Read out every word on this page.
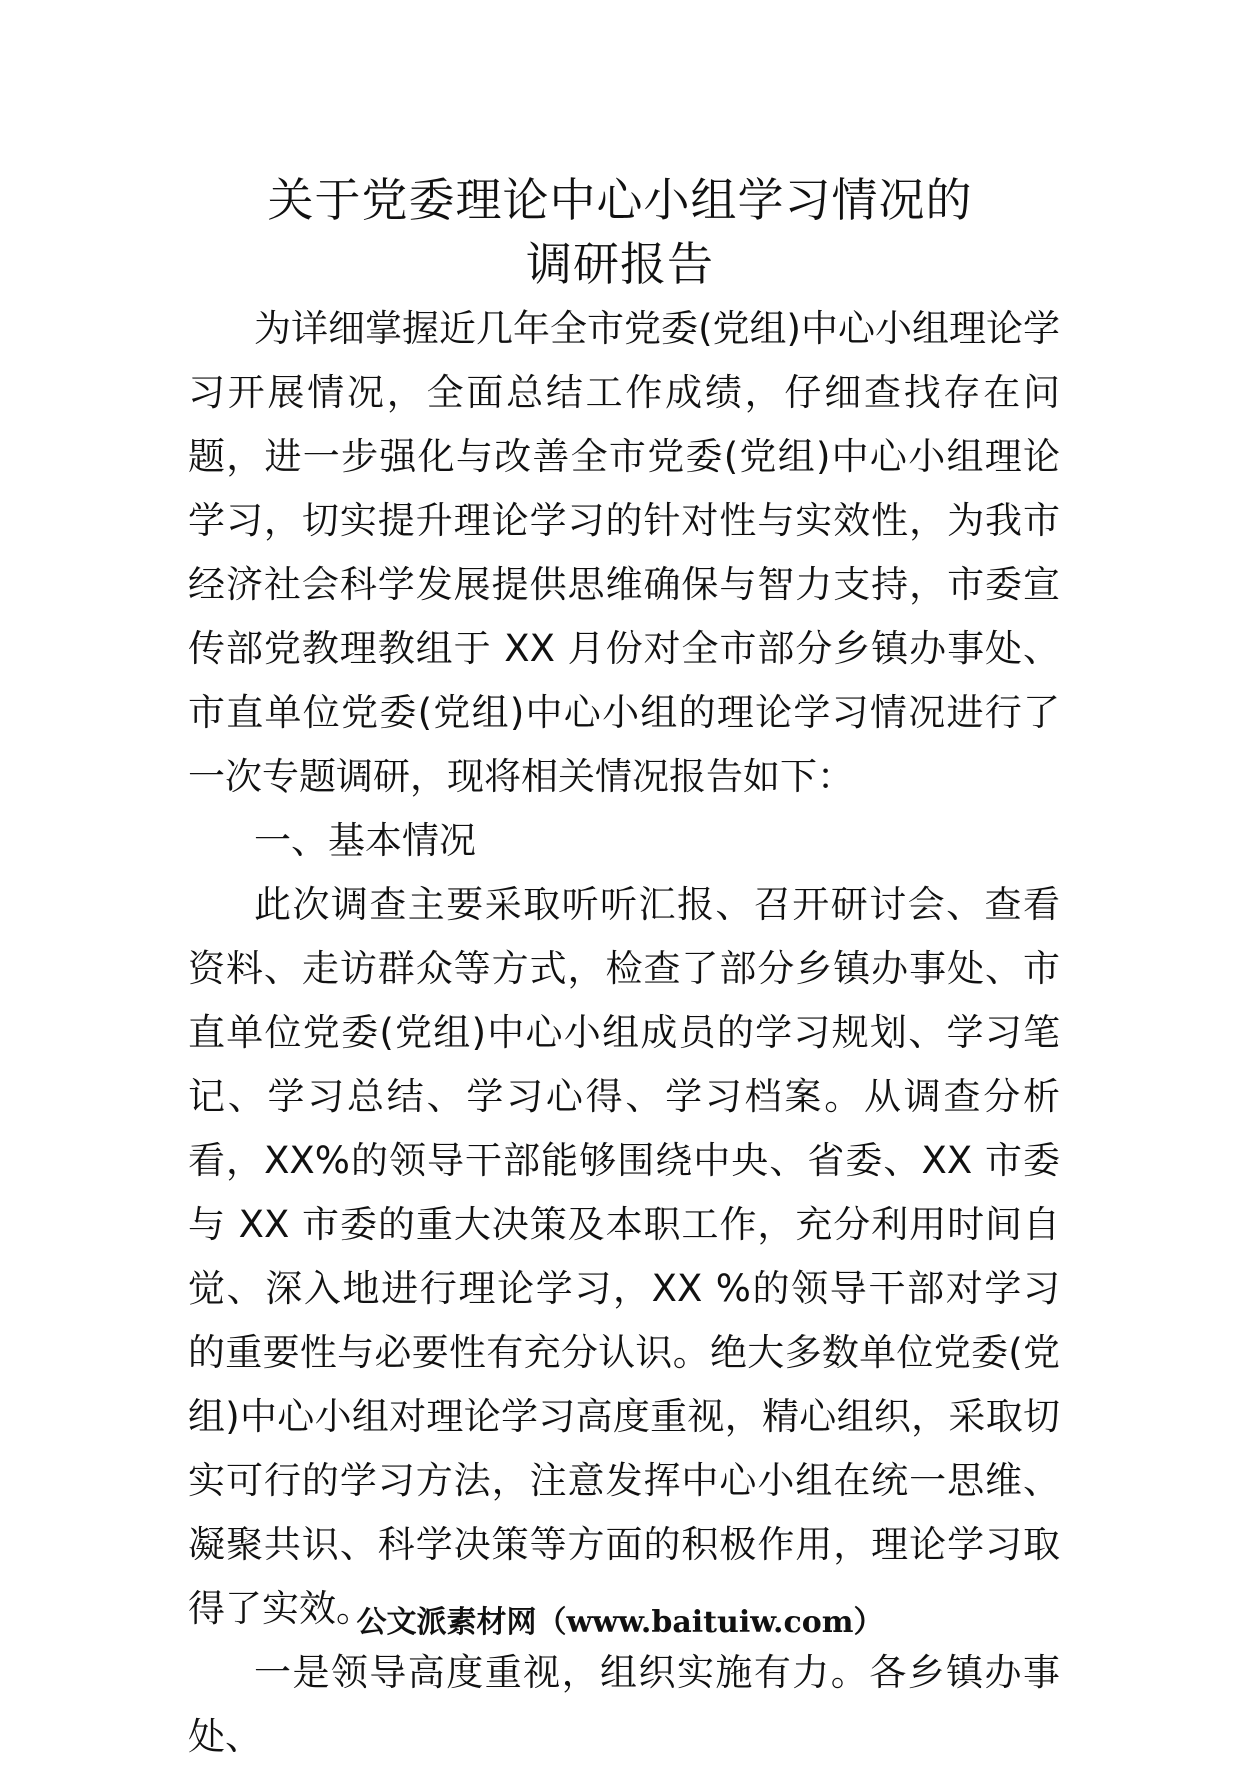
关于党委理论中心小组学习情况的
调研报告

为详细掌握近几年全市党委(党组)中心小组理论学习开展情况，全面总结工作成绩，仔细查找存在问题，进一步强化与改善全市党委(党组)中心小组理论学习，切实提升理论学习的针对性与实效性，为我市经济社会科学发展提供思维确保与智力支持，市委宣传部党教理教组于 XX 月份对全市部分乡镇办事处、市直单位党委(党组)中心小组的理论学习情况进行了一次专题调研，现将相关情况报告如下：

一、基本情况

此次调查主要采取听听汇报、召开研讨会、查看资料、走访群众等方式，检查了部分乡镇办事处、市直单位党委(党组)中心小组成员的学习规划、学习笔记、学习总结、学习心得、学习档案。从调查分析看，XX%的领导干部能够围绕中央、省委、XX 市委与 XX 市委的重大决策及本职工作，充分利用时间自觉、深入地进行理论学习，XX %的领导干部对学习的重要性与必要性有充分认识。绝大多数单位党委(党组)中心小组对理论学习高度重视，精心组织，采取切实可行的学习方法，注意发挥中心小组在统一思维、凝聚共识、科学决策等方面的积极作用，理论学习取得了实效。

一是领导高度重视，组织实施有力。各乡镇办事处、

公文派素材网（www.baituiw.com）
